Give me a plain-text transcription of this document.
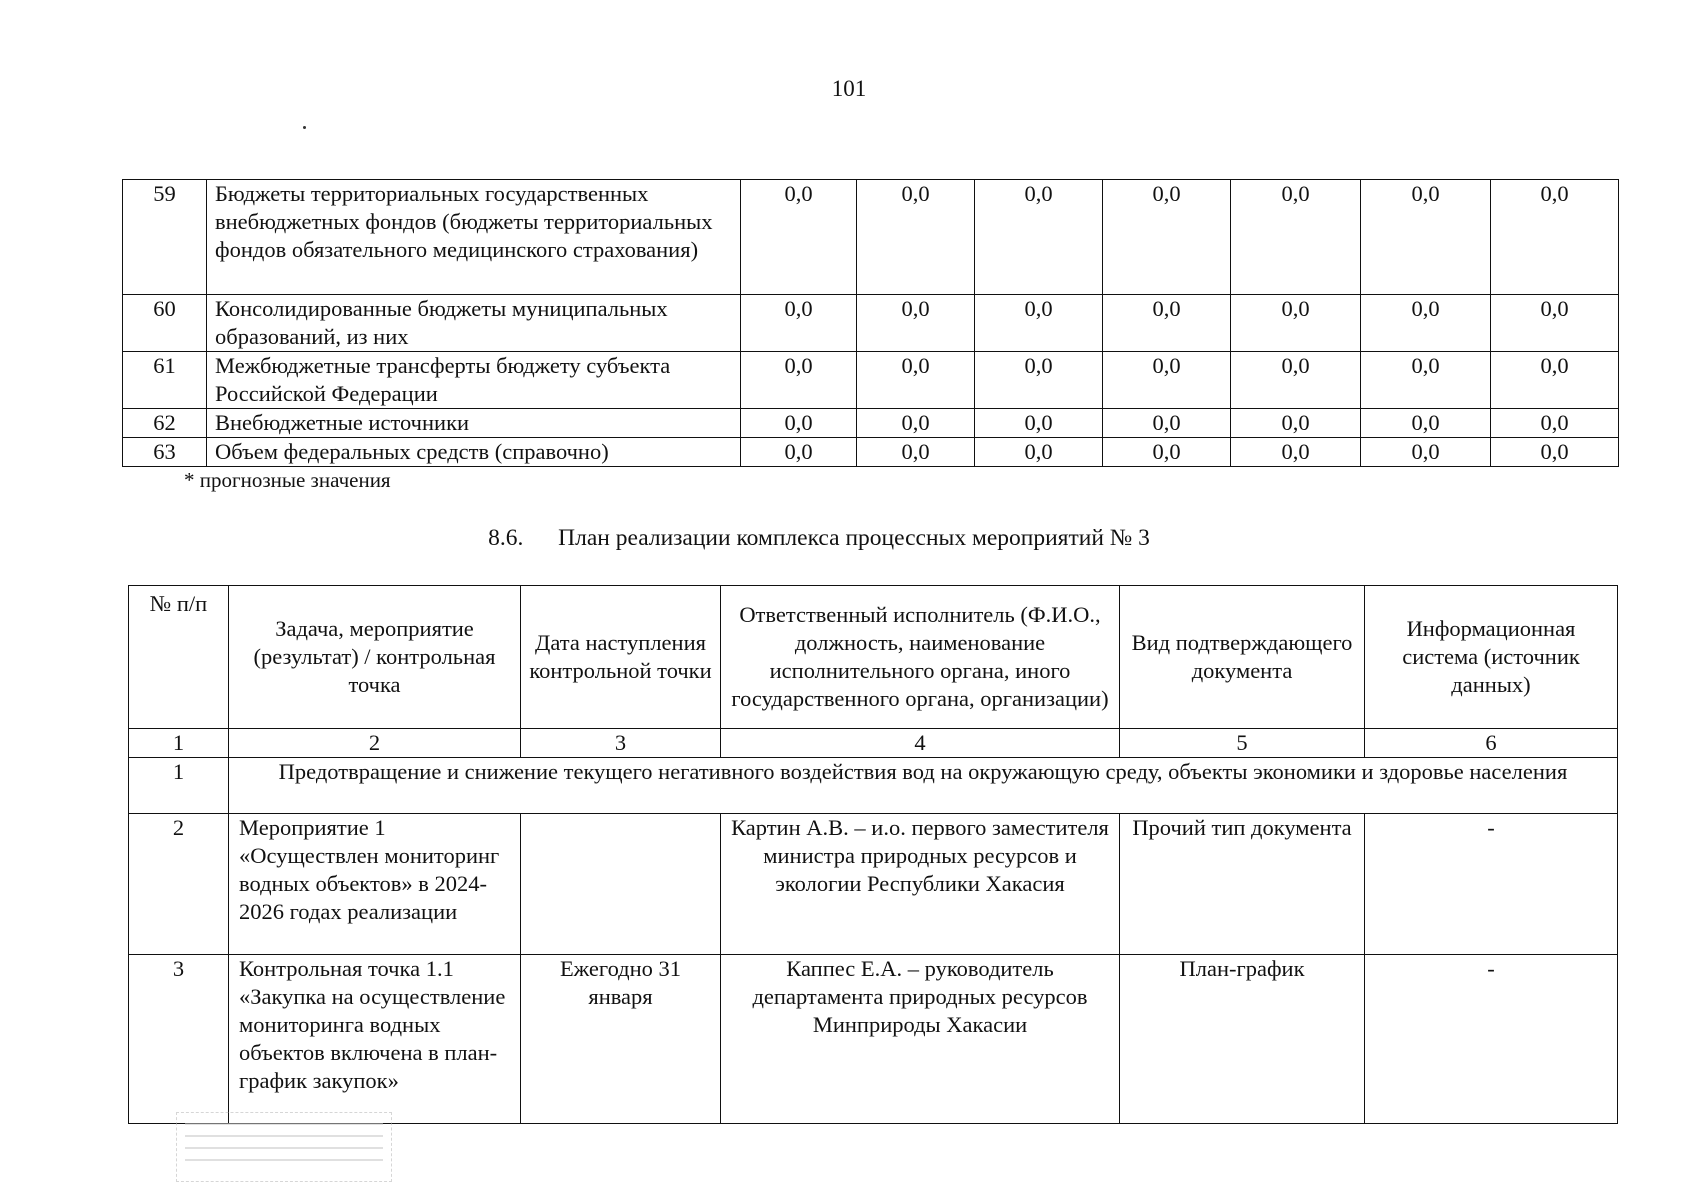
101
59	Бюджеты территориальных государственных внебюджетных фондов (бюджеты территориальных фондов обязательного медицинского страхования)	0,0	0,0	0,0	0,0	0,0	0,0	0,0
60	Консолидированные бюджеты муниципальных образований, из них	0,0	0,0	0,0	0,0	0,0	0,0	0,0
61	Межбюджетные трансферты бюджету субъекта Российской Федерации	0,0	0,0	0,0	0,0	0,0	0,0	0,0
62	Внебюджетные источники	0,0	0,0	0,0	0,0	0,0	0,0	0,0
63	Объем федеральных средств (справочно)	0,0	0,0	0,0	0,0	0,0	0,0	0,0
* прогнозные значения
8.6. План реализации комплекса процессных мероприятий № 3
№ п/п	Задача, мероприятие (результат) / контрольная точка	Дата наступления контрольной точки	Ответственный исполнитель (Ф.И.О., должность, наименование исполнительного органа, иного государственного органа, организации)	Вид подтверждающего документа	Информационная система (источник данных)
1	2	3	4	5	6
1	Предотвращение и снижение текущего негативного воздействия вод на окружающую среду, объекты экономики и здоровье населения				
2	Мероприятие 1 «Осуществлен мониторинг водных объектов» в 2024-2026 годах реализации		Картин А.В. – и.о. первого заместителя министра природных ресурсов и экологии Республики Хакасия	Прочий тип документа	-
3	Контрольная точка 1.1 «Закупка на осуществление мониторинга водных объектов включена в план-график закупок»	Ежегодно 31 января	Каппес Е.А. – руководитель департамента природных ресурсов Минприроды Хакасии	План-график	-
